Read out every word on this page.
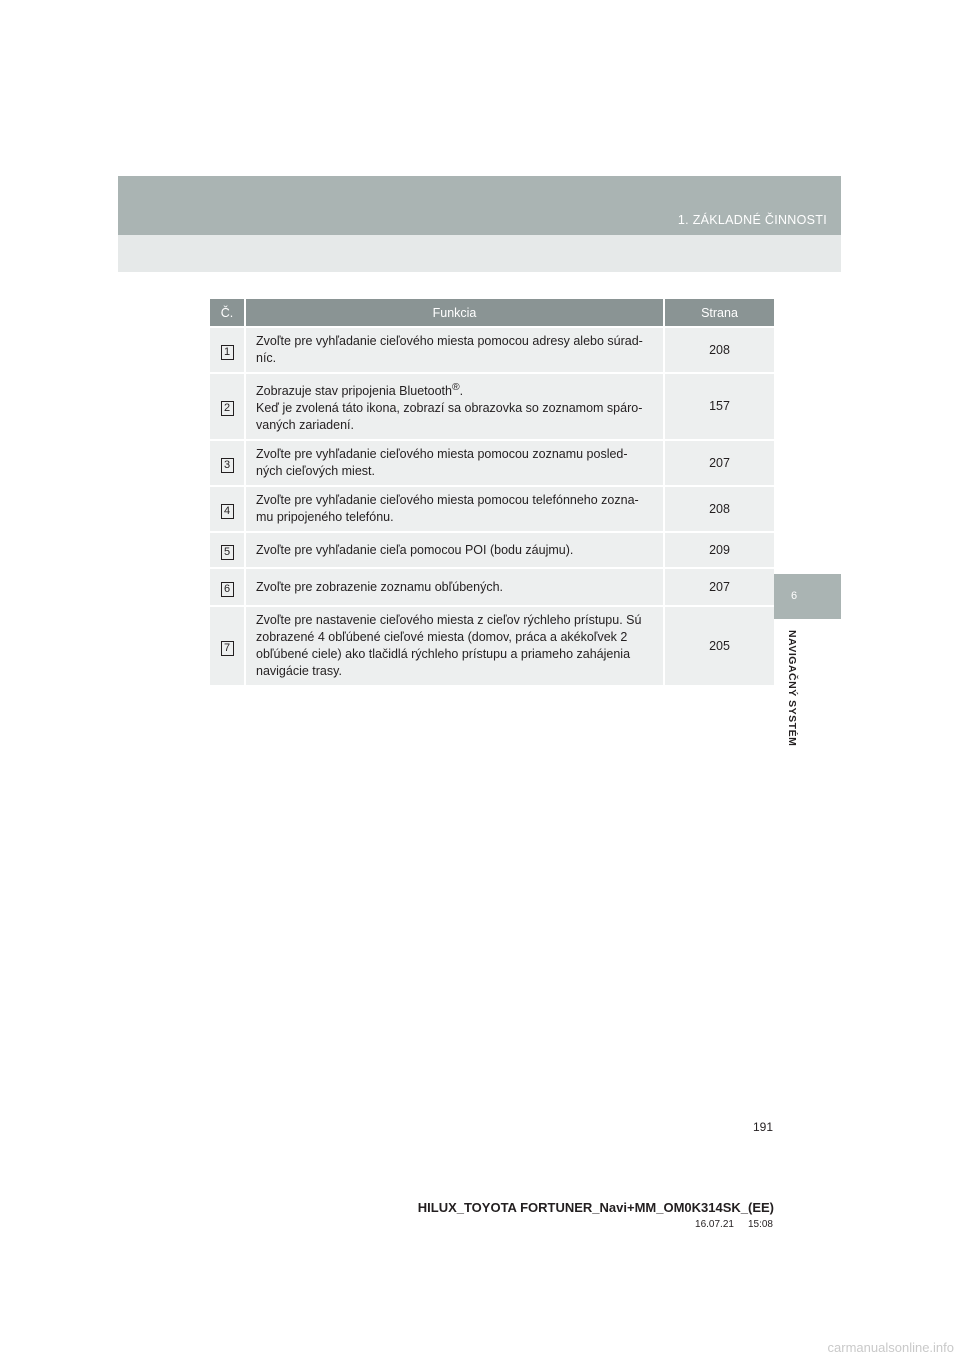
1. ZÁKLADNÉ ČINNOSTI
6
NAVIGAČNÝ SYSTÉM
Č.	Funkcia	Strana
1	Zvoľte pre vyhľadanie cieľového miesta pomocou adresy alebo súrad-
níc.	208
2	Zobrazuje stav pripojenia Bluetooth®.
Keď je zvolená táto ikona, zobrazí sa obrazovka so zoznamom spáro-
vaných zariadení.	157
3	Zvoľte pre vyhľadanie cieľového miesta pomocou zoznamu posled-
ných cieľových miest.	207
4	Zvoľte pre vyhľadanie cieľového miesta pomocou telefónneho zozna-
mu pripojeného telefónu.	208
5	Zvoľte pre vyhľadanie cieľa pomocou POI (bodu záujmu).	209
6	Zvoľte pre zobrazenie zoznamu obľúbených.	207
7	Zvoľte pre nastavenie cieľového miesta z cieľov rýchleho prístupu. Sú
zobrazené 4 obľúbené cieľové miesta (domov, práca a akékoľvek 2
obľúbené ciele) ako tlačidlá rýchleho prístupu a priameho zahájenia
navigácie trasy.	205
191
HILUX_TOYOTA FORTUNER_Navi+MM_OM0K314SK_(EE)
16.07.21 15:08
carmanualsonline.info
